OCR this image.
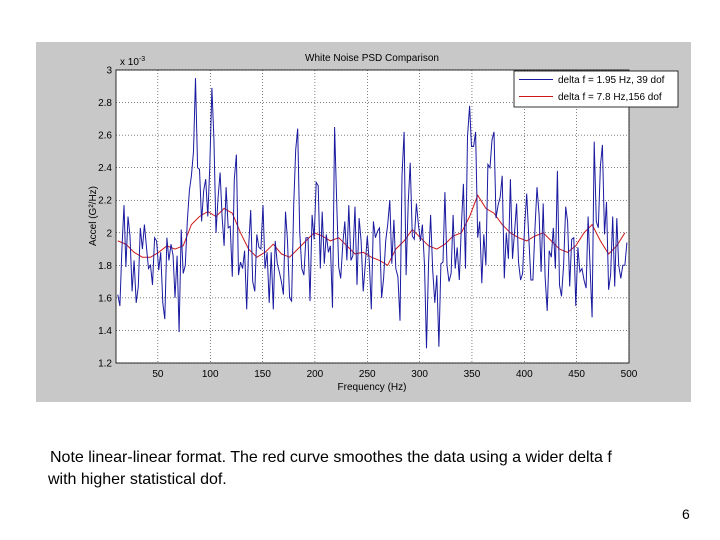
50	100	150	200	250	300	350	400	450	500
1.2
1.4
1.6
1.8
2
2.2
2.4
2.6
2.8
3
White Noise PSD Comparison
Frequency (Hz)
Accel (G²/Hz)
x $10^{-3}$
delta f = 1.95 Hz, 39 dof
delta f = 7.8 Hz,156 dof
Note linear-linear format. The red curve smoothes the data using a wider delta f
with higher statistical dof.
6
